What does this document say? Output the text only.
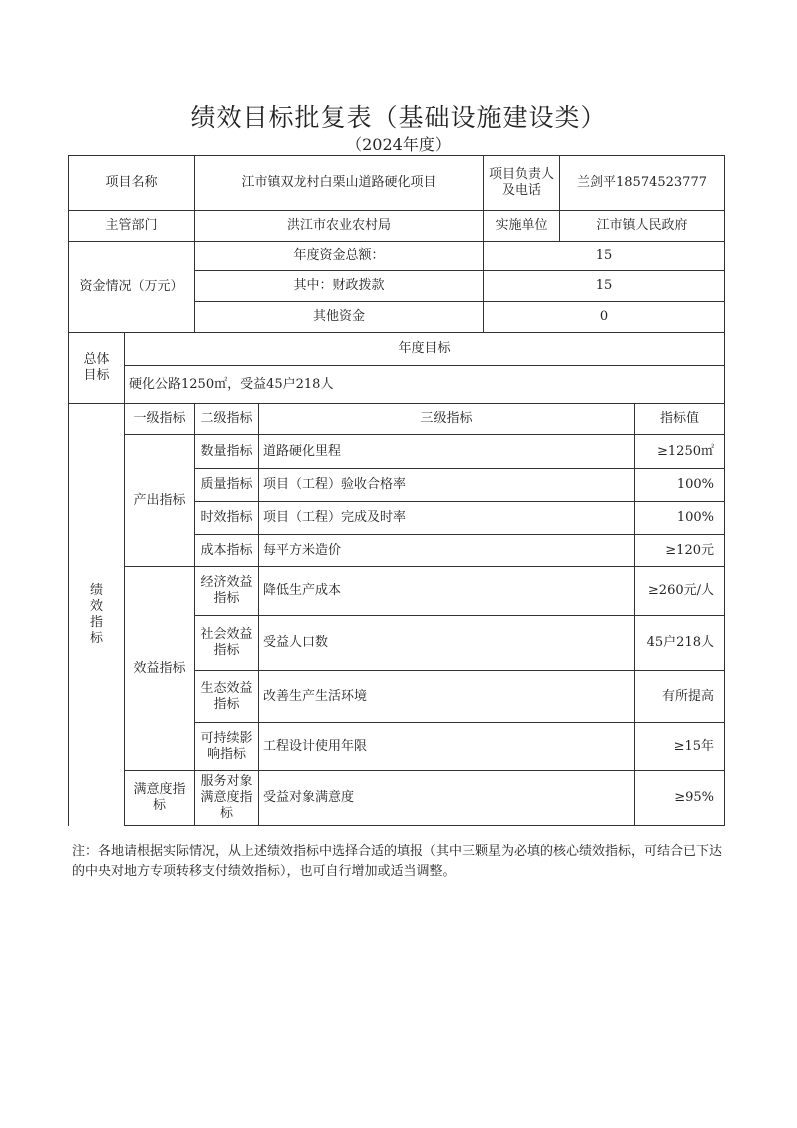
绩效目标批复表（基础设施建设类）
（2024年度）
项目名称		江市镇双龙村白栗山道路硬化项目		项目负责人及电话	兰剑平18574523777	
主管部门		洪江市农业农村局		实施单位	江市镇人民政府	
资金情况（万元）		年度资金总额：		15		
		其中：财政拨款		15		
		其他资金		0		
总体目标	年度目标					
	硬化公路1250㎡，受益45户218人					
绩效指标	一级指标	二级指标	三级指标			指标值
	产出指标	数量指标	道路硬化里程			≥1250㎡
		质量指标	项目（工程）验收合格率			100%
		时效指标	项目（工程）完成及时率			100%
		成本指标	每平方米造价			≥120元
	效益指标	经济效益指标	降低生产成本			≥260元/人
		社会效益指标	受益人口数			45户218人
		生态效益指标	改善生产生活环境			有所提高
		可持续影响指标	工程设计使用年限			≥15年
	满意度指标	服务对象满意度指标	受益对象满意度			≥95%
注：各地请根据实际情况，从上述绩效指标中选择合适的填报（其中三颗星为必填的核心绩效指标，可结合已下达的中央对地方专项转移支付绩效指标），也可自行增加或适当调整。
